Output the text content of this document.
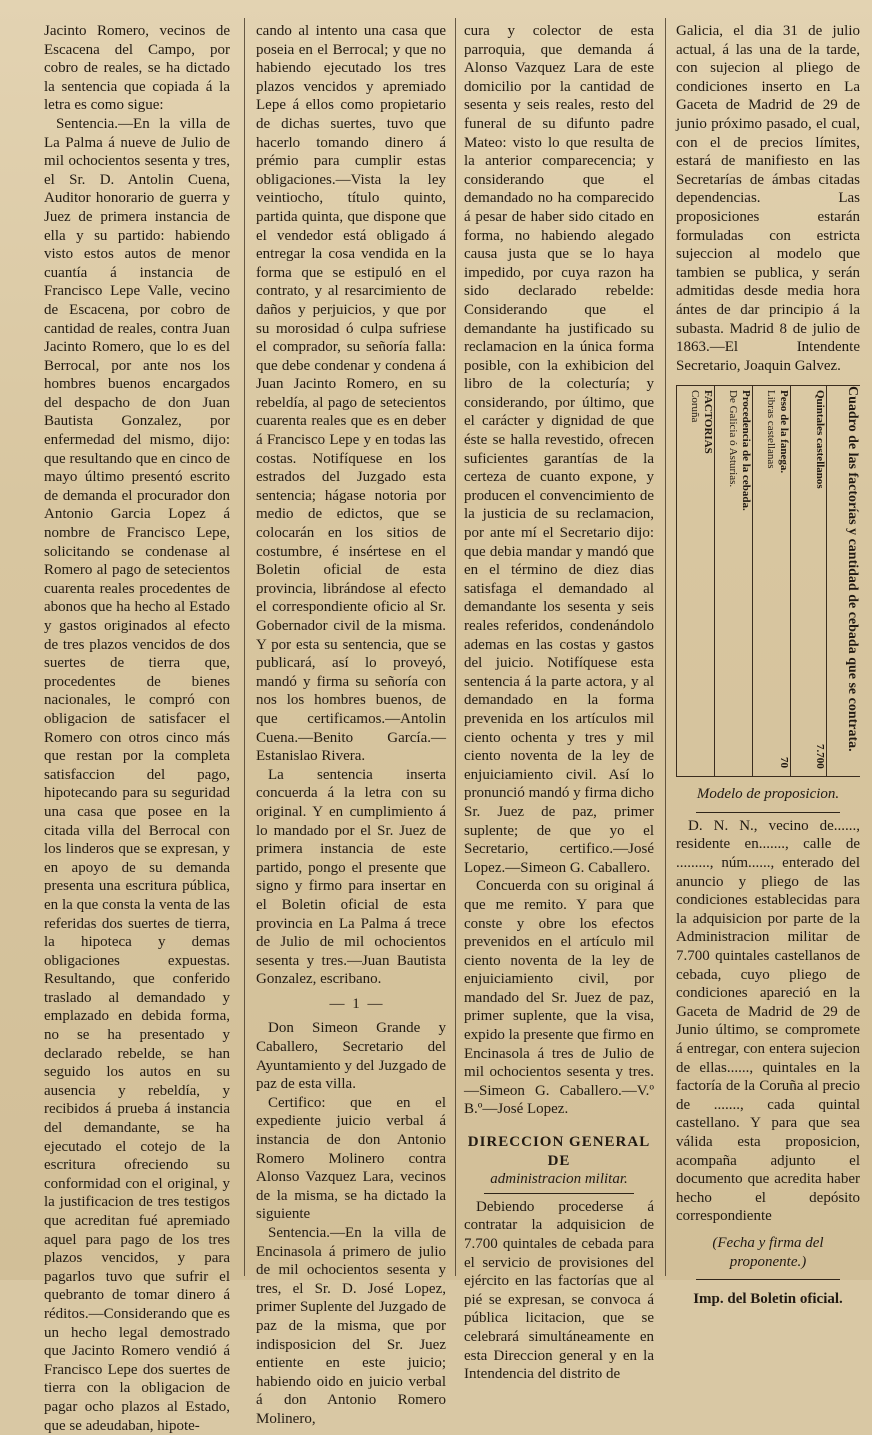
Jacinto Romero, vecinos de Escacena del Campo, por cobro de reales, se ha dictado la sentencia que copiada á la letra es como sigue:

Sentencia.—En la villa de La Palma á nueve de Julio de mil ochocientos sesenta y tres, el Sr. D. Antolin Cuena, Auditor honorario de guerra y Juez de primera instancia de ella y su partido: habiendo visto estos autos de menor cuantía á instancia de Francisco Lepe Valle, vecino de Escacena, por cobro de cantidad de reales, contra Juan Jacinto Romero, que lo es del Berrocal, por ante nos los hombres buenos encargados del despacho de don Juan Bautista Gonzalez, por enfermedad del mismo, dijo: que resultando que en cinco de mayo último presentó escrito de demanda el procurador don Antonio Garcia Lopez á nombre de Francisco Lepe, solicitando se condenase al Romero al pago de setecientos cuarenta reales procedentes de abonos que ha hecho al Estado y gastos originados al efecto de tres plazos vencidos de dos suertes de tierra que, procedentes de bienes nacionales, le compró con obligacion de satisfacer el Romero con otros cinco más que restan por la completa satisfaccion del pago, hipotecando para su seguridad una casa que posee en la citada villa del Berrocal con los linderos que se expresan, y en apoyo de su demanda presenta una escritura pública, en la que consta la venta de las referidas dos suertes de tierra, la hipoteca y demas obligaciones expuestas. Resultando, que conferido traslado al demandado y emplazado en debida forma, no se ha presentado y declarado rebelde, se han seguido los autos en su ausencia y rebeldía, y recibidos á prueba á instancia del demandante, se ha ejecutado el cotejo de la escritura ofreciendo su conformidad con el original, y la justificacion de tres testigos que acreditan fué apremiado aquel para pago de los tres plazos vencidos, y para pagarlos tuvo que sufrir el quebranto de tomar dinero á réditos.—Considerando que es un hecho legal demostrado que Jacinto Romero vendió á Francisco Lepe dos suertes de tierra con la obligacion de pagar ocho plazos al Estado, que se adeudaban, hipote-

cando al intento una casa que poseia en el Berrocal; y que no habiendo ejecutado los tres plazos vencidos y apremiado Lepe á ellos como propietario de dichas suertes, tuvo que hacerlo tomando dinero á prémio para cumplir estas obligaciones.—Vista la ley veintiocho, título quinto, partida quinta, que dispone que el vendedor está obligado á entregar la cosa vendida en la forma que se estipuló en el contrato, y al resarcimiento de daños y perjuicios, y que por su morosidad ó culpa sufriese el comprador, su señoría falla: que debe condenar y condena á Juan Jacinto Romero, en su rebeldía, al pago de setecientos cuarenta reales que es en deber á Francisco Lepe y en todas las costas. Notifíquese en los estrados del Juzgado esta sentencia; hágase notoria por medio de edictos, que se colocarán en los sitios de costumbre, é insértese en el Boletin oficial de esta provincia, librándose al efecto el correspondiente oficio al Sr. Gobernador civil de la misma. Y por esta su sentencia, que se publicará, así lo proveyó, mandó y firma su señoría con nos los hombres buenos, de que certificamos.—Antolin Cuena.—Benito García.—Estanislao Rivera.

La sentencia inserta concuerda á la letra con su original. Y en cumplimiento á lo mandado por el Sr. Juez de primera instancia de este partido, pongo el presente que signo y firmo para insertar en el Boletin oficial de esta provincia en La Palma á trece de Julio de mil ochocientos sesenta y tres.—Juan Bautista Gonzalez, escribano.

— 1 —

Don Simeon Grande y Caballero, Secretario del Ayuntamiento y del Juzgado de paz de esta villa.

Certifico: que en el expediente juicio verbal á instancia de don Antonio Romero Molinero contra Alonso Vazquez Lara, vecinos de la misma, se ha dictado la siguiente

Sentencia.—En la villa de Encinasola á primero de julio de mil ochocientos sesenta y tres, el Sr. D. José Lopez, primer Suplente del Juzgado de paz de la misma, que por indisposicion del Sr. Juez entiente en este juicio; habiendo oido en juicio verbal á don Antonio Romero Molinero,

cura y colector de esta parroquia, que demanda á Alonso Vazquez Lara de este domicilio por la cantidad de sesenta y seis reales, resto del funeral de su difunto padre Mateo: visto lo que resulta de la anterior comparecencia; y considerando que el demandado no ha comparecido á pesar de haber sido citado en forma, no habiendo alegado causa justa que se lo haya impedido, por cuya razon ha sido declarado rebelde: Considerando que el demandante ha justificado su reclamacion en la única forma posible, con la exhibicion del libro de la colecturía; y considerando, por último, que el carácter y dignidad de que éste se halla revestido, ofrecen suficientes garantías de la certeza de cuanto expone, y producen el convencimiento de la justicia de su reclamacion, por ante mí el Secretario dijo: que debia mandar y mandó que en el término de diez dias satisfaga el demandado al demandante los sesenta y seis reales referidos, condenándolo ademas en las costas y gastos del juicio. Notifíquese esta sentencia á la parte actora, y al demandado en la forma prevenida en los artículos mil ciento ochenta y tres y mil ciento noventa de la ley de enjuiciamiento civil. Así lo pronunció mandó y firma dicho Sr. Juez de paz, primer suplente; de que yo el Secretario, certifico.—José Lopez.—Simeon G. Caballero.

Concuerda con su original á que me remito. Y para que conste y obre los efectos prevenidos en el artículo mil ciento noventa de la ley de enjuiciamiento civil, por mandado del Sr. Juez de paz, primer suplente, que la visa, expido la presente que firmo en Encinasola á tres de Julio de mil ochocientos sesenta y tres.—Simeon G. Caballero.—V.º B.º—José Lopez.

DIRECCION GENERAL DE

administracion militar.

Debiendo procederse á contratar la adquisicion de 7.700 quintales de cebada para el servicio de provisiones del ejército en las factorías que al pié se expresan, se convoca á pública licitacion, que se celebrará simultáneamente en esta Direccion general y en la Intendencia del distrito de

Galicia, el dia 31 de julio actual, á las una de la tarde, con sujecion al pliego de condiciones inserto en La Gaceta de Madrid de 29 de junio próximo pasado, el cual, con el de precios límites, estará de manifiesto en las Secretarías de ámbas citadas dependencias. Las proposiciones estarán formuladas con estricta sujeccion al modelo que tambien se publica, y serán admitidas desde media hora ántes de dar principio á la subasta. Madrid 8 de julio de 1863.—El Intendente Secretario, Joaquin Galvez.

Cuadro de las factorías y cantidad de cebada que se contrata.
FACTORIAS
Coruña	Procedencia de la cebada.
De Galicia ó Asturias.	Peso de la fanega.
Libras castellanas
70
Quintales castellanos
7.700

Modelo de proposicion.

D. N. N., vecino de......, residente en......., calle de ........., núm......, enterado del anuncio y pliego de las condiciones establecidas para la adquisicion por parte de la Administracion militar de 7.700 quintales castellanos de cebada, cuyo pliego de condiciones apareció en la Gaceta de Madrid de 29 de Junio último, se compromete á entregar, con entera sujecion de ellas......, quintales en la factoría de la Coruña al precio de ......., cada quintal castellano. Y para que sea válida esta proposicion, acompaña adjunto el documento que acredita haber hecho el depósito correspondiente

(Fecha y firma del proponente.)

Imp. del Boletin oficial.
